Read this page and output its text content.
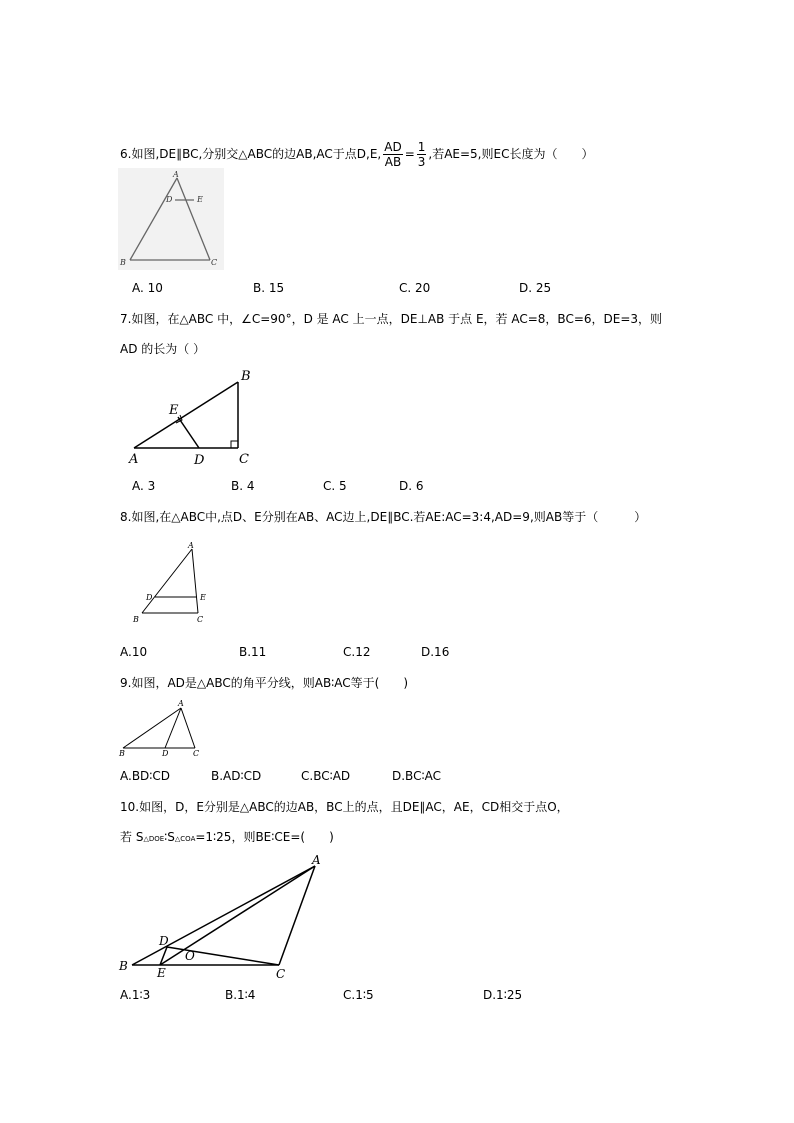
6.如图,DE∥BC,分别交△ABC的边AB,AC于点D,E, $\frac{AD}{AB} = \frac{1}{3}$ ,若AE=5,则EC长度为（　　）
A
D	E
B	C
A. 10	B. 15	C. 20	D. 25
7.如图，在△ABC 中，∠C=90°，D 是 AC 上一点，DE⊥AB 于点 E，若 AC=8，BC=6，DE=3，则
AD 的长为（ ）
A
B
C
D
E
A. 3	B. 4	C. 5	D. 6
8.如图,在△ABC中,点D、E分别在AB、AC边上,DE∥BC.若AE:AC=3:4,AD=9,则AB等于（　　　）
A
D	E
B	C
A.10	B.11	C.12	D.16
9.如图，AD是△ABC的角平分线，则AB∶AC等于(　　)
A
B	D	C
A.BD∶CD	B.AD∶CD	C.BC∶AD	D.BC∶AC
10.如图，D，E分别是△ABC的边AB，BC上的点，且DE∥AC，AE，CD相交于点O，
若 S△DOE∶S△COA=1∶25，则BE∶CE=(　　)
A
B
C
D
E
O
A.1∶3	B.1∶4	C.1∶5	D.1∶25
